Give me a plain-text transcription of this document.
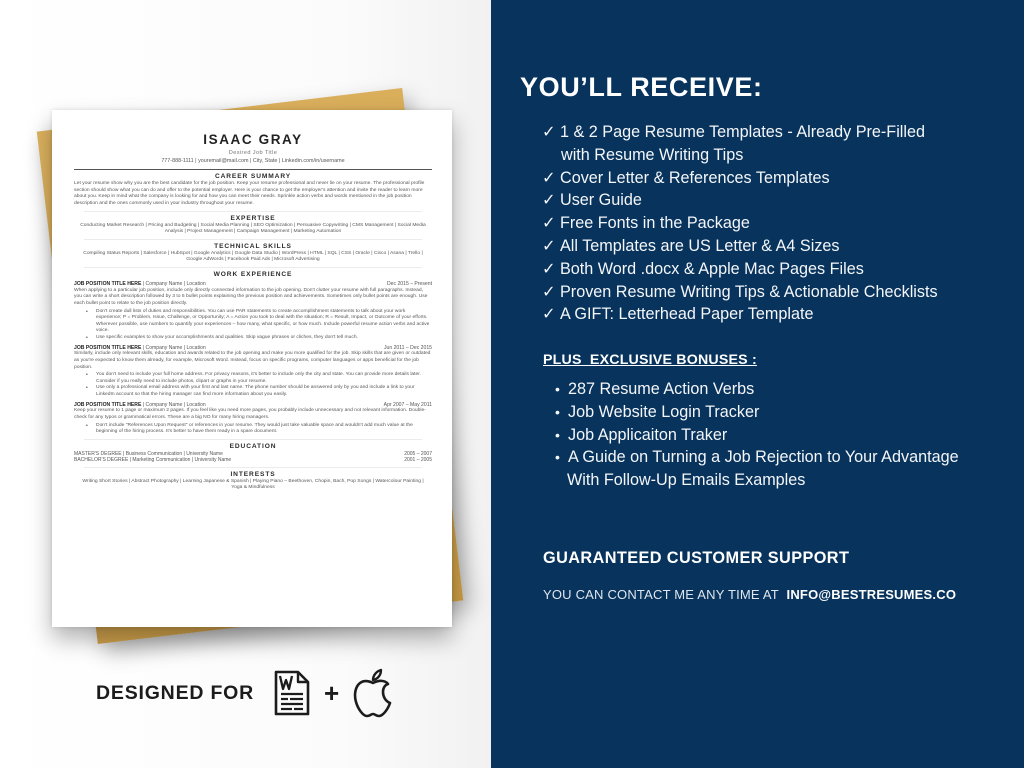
ISAAC GRAY
Desired Job Title
777-888-1111 | youremail@mail.com | City, State | Linkedin.com/in/username
CAREER SUMMARY
Let your resume show why you are the best candidate for the job position. Keep your resume professional and never lie on your resume. The professional profile section should show what you can do and offer to the potential employer. Here is your chance to get the employer's attention and invite the reader to learn more about you. Keep in mind what the company is looking for and how you can meet their needs. Sprinkle action verbs and words mentioned in the job position description and the ones commonly used in your industry throughout your resume.
EXPERTISE
Conducting Market Research | Pricing and Budgeting | Social Media Planning | SEO Optimization | Persuasive Copywriting | CMS Management | Social Media Analysis | Project Management | Campaign Management | Marketing Automation
TECHNICAL SKILLS
Compiling Status Reports | Salesforce | HubSpot | Google Analytics | Google Data Studio | WordPress | HTML | SQL | CSS | Oracle | Cisco | Asana | Trello | Google AdWords | Facebook Paid Ads | Microsoft Advertising
WORK EXPERIENCE
JOB POSITION TITLE HERE | Company Name | Location	Dec 2015 – Present
When applying to a particular job position, include only directly connected information to the job opening. Don't clutter your resume with full paragraphs. Instead, you can write a short description followed by 3 to 5 bullet points explaining the previous position and achievements. Sometimes only bullet points are enough. Use each bullet point to relate to the job position directly.
• Don't create dull lists of duties and responsibilities. You can use PAR statements to create accomplishment statements to talk about your work experience; P = Problem, Issue, Challenge, or Opportunity; A = Action you took to deal with the situation; R = Result, Impact, or Outcome of your efforts. Wherever possible, use numbers to quantify your experiences – how many, what specific, or how much. Include powerful resume action verbs and active voice.
• Use specific examples to show your accomplishments and qualities. Skip vague phrases or cliches, they don't tell much.
JOB POSITION TITLE HERE | Company Name | Location	Jun 2011 – Dec 2015
Similarly, include only relevant skills, education and awards related to the job opening and make you more qualified for the job. Skip skills that are given or outdated as you're expected to know them already, for example, Microsoft Word. Instead, focus on specific programs, computer languages or apps beneficial for the job position.
• You don't need to include your full home address. For privacy reasons, it's better to include only the city and state. You can provide more details later. Consider if you really need to include photos, clipart or graphs in your resume.
• Use only a professional email address with your first and last name. The phone number should be answered only by you and include a link to your LinkedIn account so that the hiring manager can find more information about you easily.
JOB POSITION TITLE HERE | Company Name | Location	Apr 2007 – May 2011
Keep your resume to 1 page or maximum 2 pages. If you feel like you need more pages, you probably include unnecessary and not relevant information. Double-check for any typos or grammatical errors. These are a big NO for many hiring managers.
• Don't include "References Upon Request" or references in your resume. They would just take valuable space and wouldn't add much value at the beginning of the hiring process. It's better to have them ready in a spare document.
EDUCATION
MASTER'S DEGREE | Business Communication | University Name	2005 – 2007
BACHELOR'S DEGREE | Marketing Communication | University Name	2001 – 2005
INTERESTS
Writing Short Stories | Abstract Photography | Learning Japanese & Spanish | Playing Piano – Beethoven, Chopin, Bach, Pop Songs | Watercolour Painting | Yoga & Mindfulness
DESIGNED FOR	+
YOU’LL RECEIVE:
✓ 1 & 2 Page Resume Templates - Already Pre-Filled
with Resume Writing Tips
✓ Cover Letter & References Templates
✓ User Guide
✓ Free Fonts in the Package
✓ All Templates are US Letter & A4 Sizes
✓ Both Word .docx & Apple Mac Pages Files
✓ Proven Resume Writing Tips & Actionable Checklists
✓ A GIFT: Letterhead Paper Template
PLUS  EXCLUSIVE BONUSES :
• 287 Resume Action Verbs
• Job Website Login Tracker
• Job Applicaiton Traker
• A Guide on Turning a Job Rejection to Your Advantage
With Follow-Up Emails Examples
GUARANTEED CUSTOMER SUPPORT
YOU CAN CONTACT ME ANY TIME AT INFO@BESTRESUMES.CO
